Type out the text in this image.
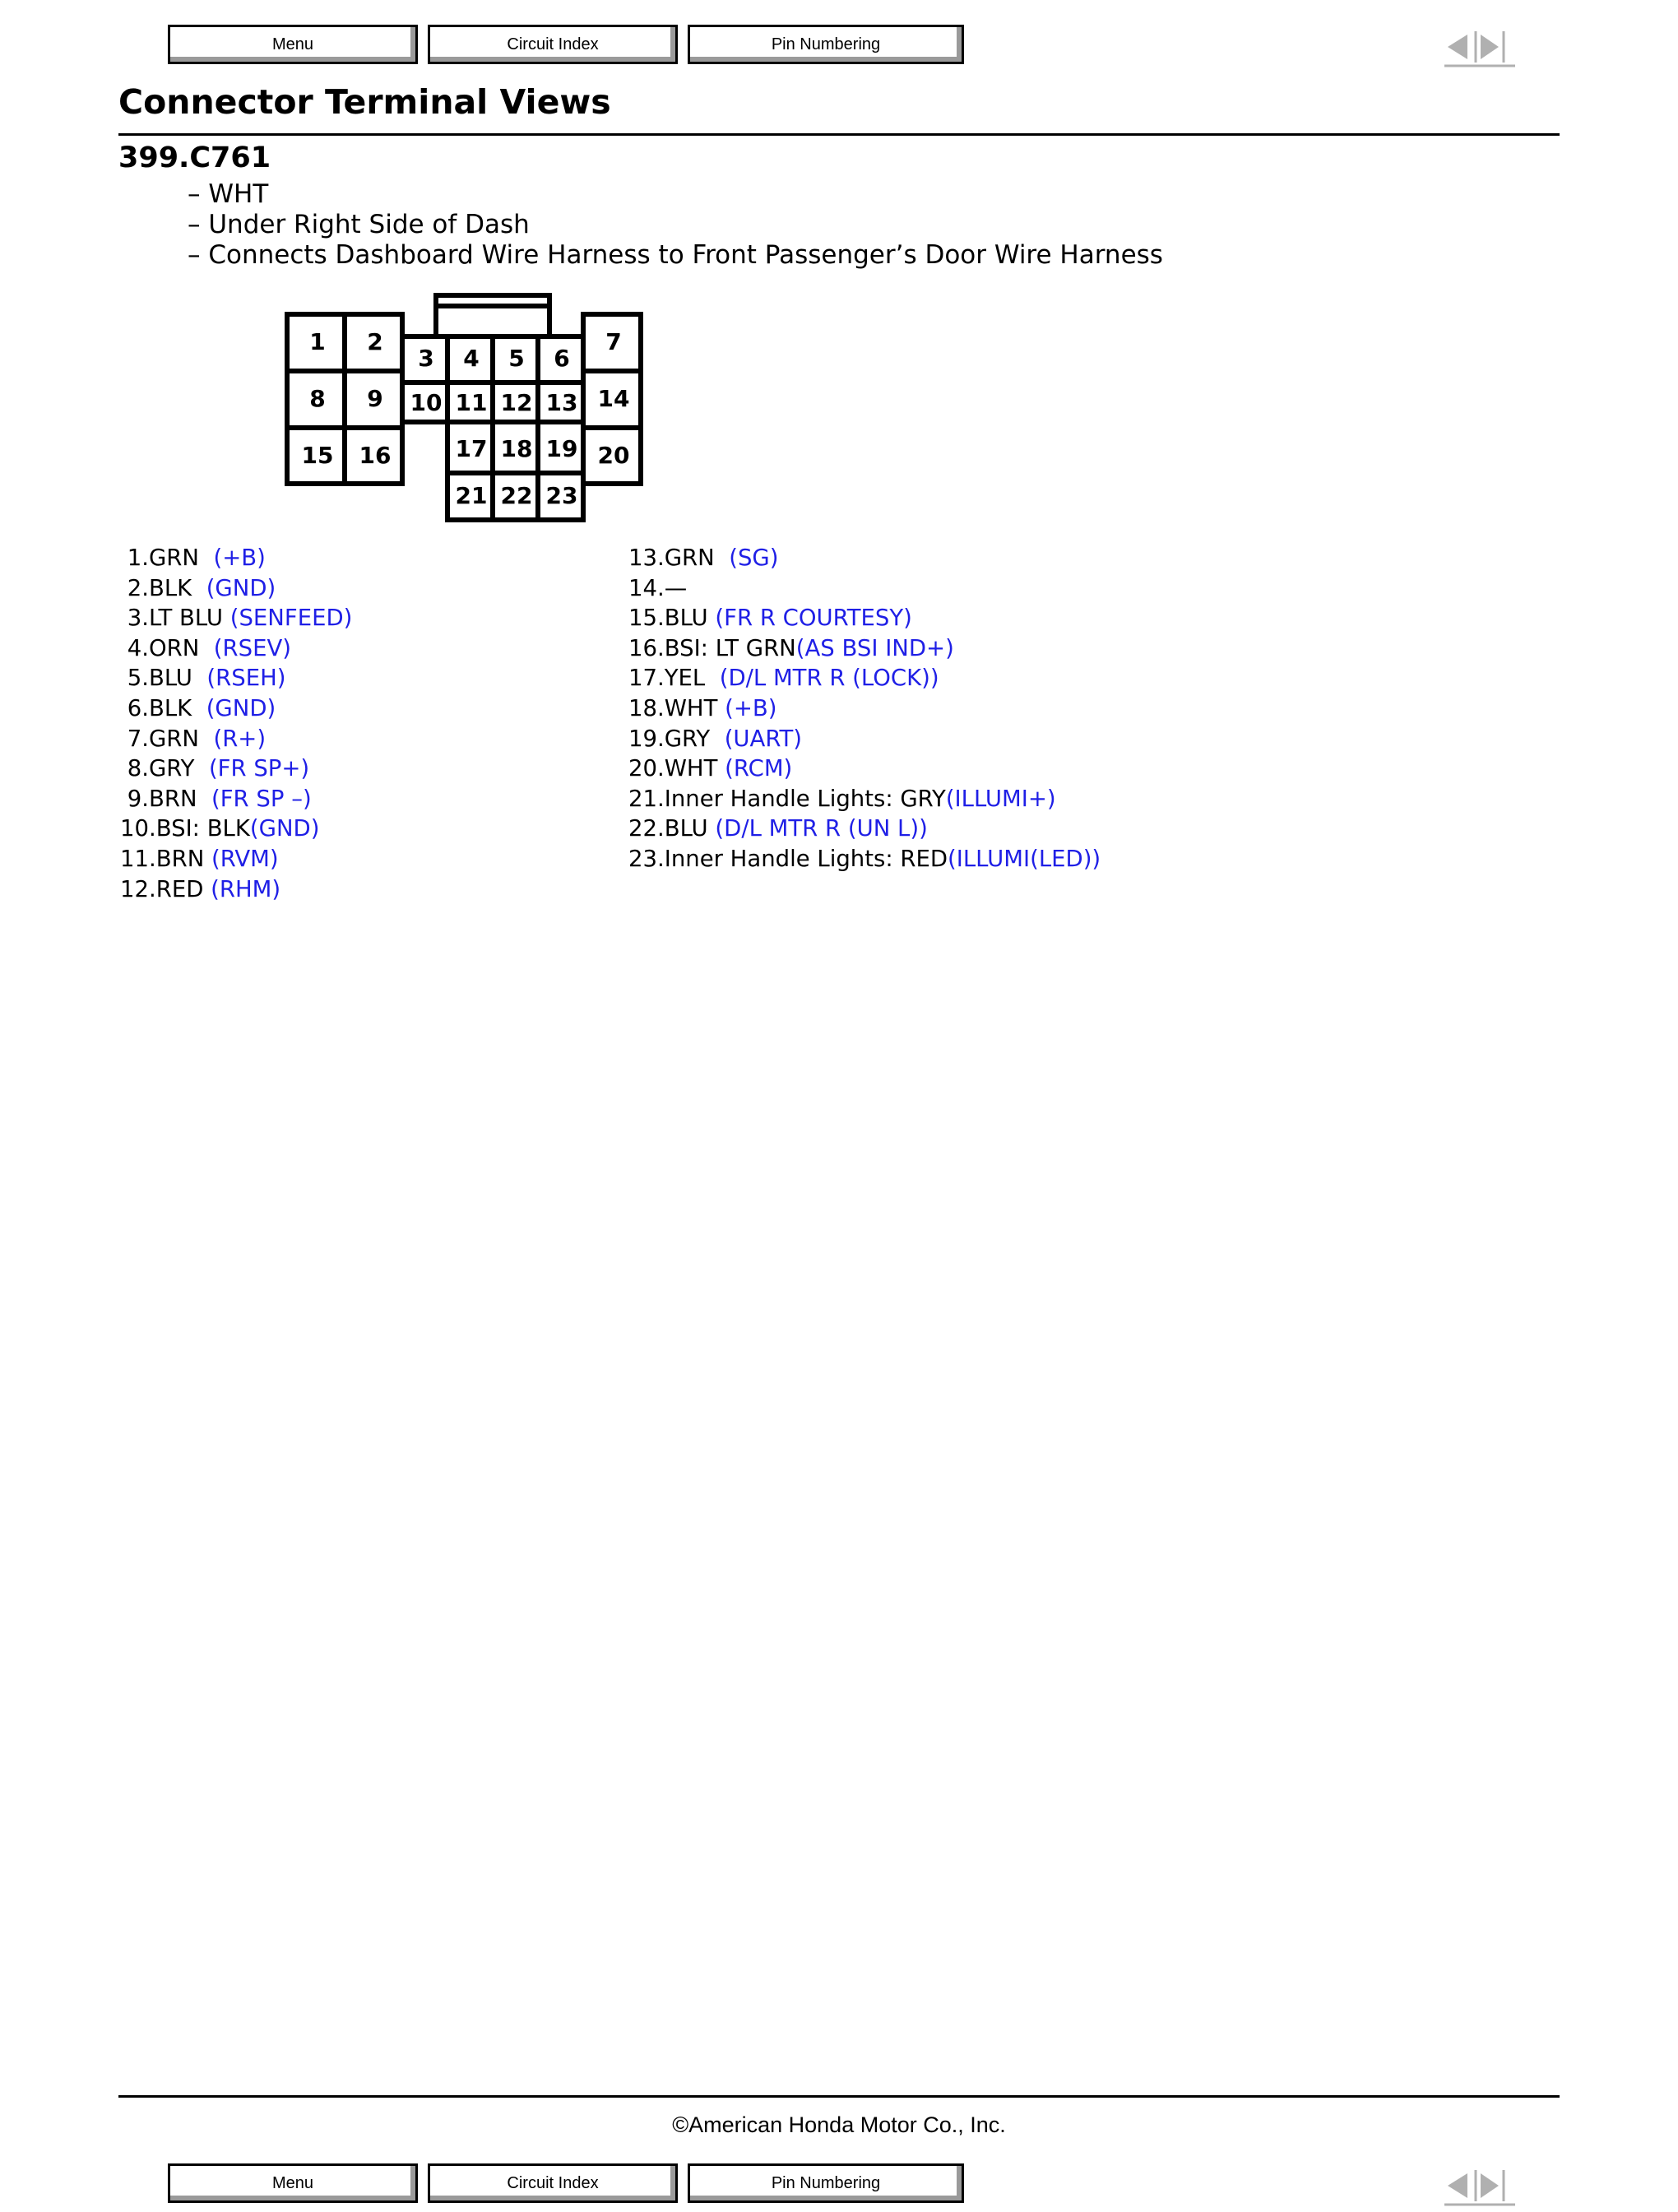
Menu	Circuit Index	Pin Numbering
Connector Terminal Views
399.C761
– WHT
– Under Right Side of Dash
– Connects Dashboard Wire Harness to Front Passenger’s Door Wire Harness
1 2
3 4 5 6
7
8 9 10 11 12 13 14
15 16	17 18 19 20
21 22 23
1.GRN  (+B)
2.BLK  (GND)
3.LT BLU (SENFEED)
4.ORN  (RSEV)
5.BLU  (RSEH)
6.BLK  (GND)
7.GRN  (R+)
8.GRY  (FR SP+)
9.BRN  (FR SP –)
10.BSI: BLK(GND)
11.BRN (RVM)
12.RED (RHM)
13.GRN  (SG)
14.—
15.BLU (FR R COURTESY)
16.BSI: LT GRN(AS BSI IND+)
17.YEL  (D/L MTR R (LOCK))
18.WHT (+B)
19.GRY  (UART)
20.WHT (RCM)
21.Inner Handle Lights: GRY(ILLUMI+)
22.BLU (D/L MTR R (UN L))
23.Inner Handle Lights: RED(ILLUMI(LED))
©American Honda Motor Co., Inc.
Menu	Circuit Index	Pin Numbering
